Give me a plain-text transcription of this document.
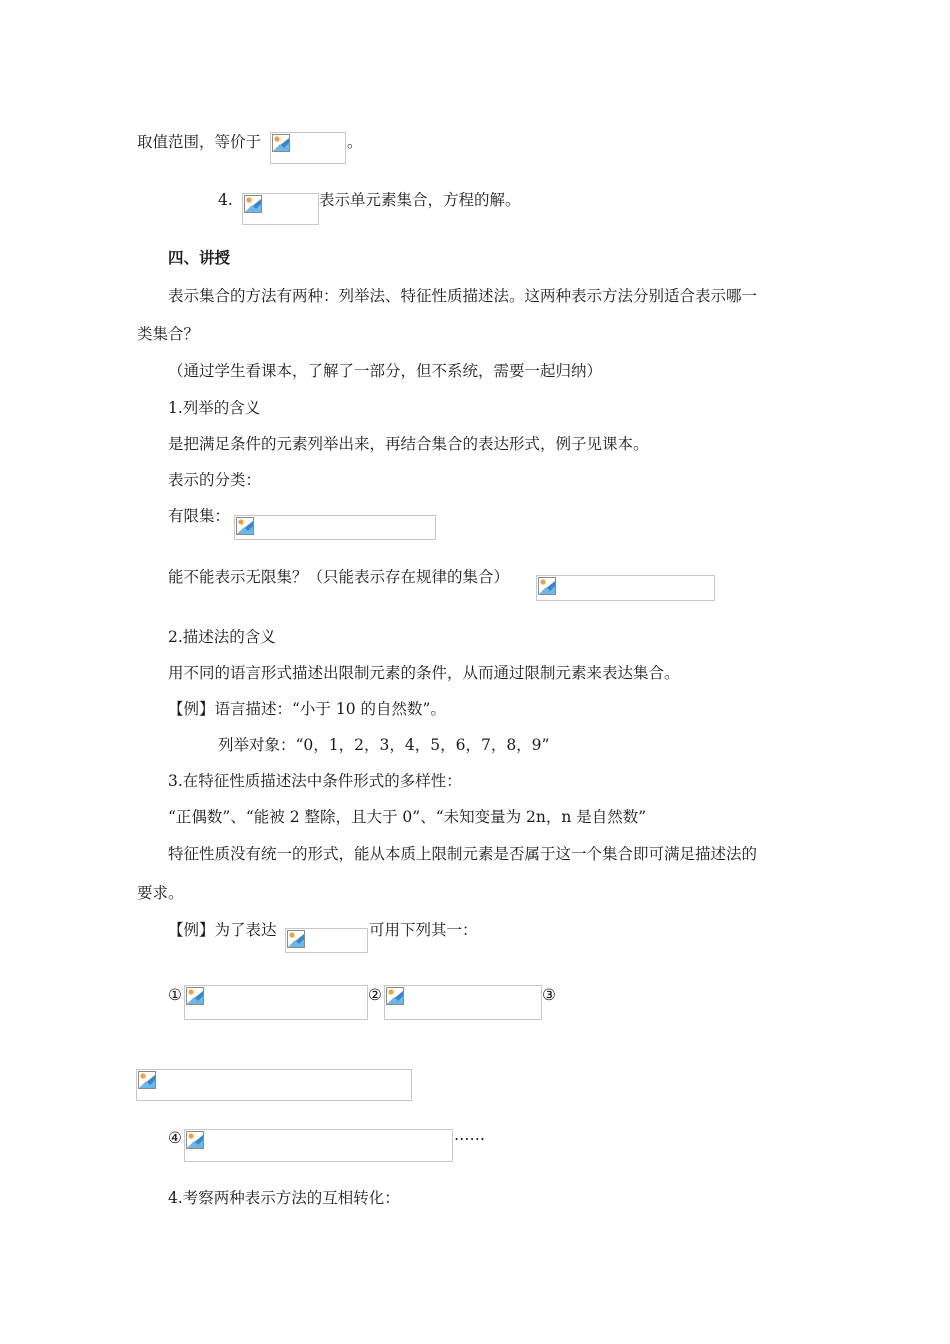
取值范围，等价于	。
4.	表示单元素集合，方程的解。
四、讲授
表示集合的方法有两种：列举法、特征性质描述法。这两种表示方法分别适合表示哪一
类集合？
（通过学生看课本，了解了一部分，但不系统，需要一起归纳）
1.列举的含义
是把满足条件的元素列举出来，再结合集合的表达形式，例子见课本。
表示的分类：
有限集：
能不能表示无限集？（只能表示存在规律的集合）
2.描述法的含义
用不同的语言形式描述出限制元素的条件，从而通过限制元素来表达集合。
【例】语言描述：“小于 10 的自然数”。
列举对象：“0，1，2，3，4，5，6，7，8，9”
3.在特征性质描述法中条件形式的多样性：
“正偶数”、“能被 2 整除，且大于 0”、“未知变量为 2n，n 是自然数”
特征性质没有统一的形式，能从本质上限制元素是否属于这一个集合即可满足描述法的
要求。
【例】为了表达	可用下列其一：
①	②	③
④	……
4.考察两种表示方法的互相转化：
